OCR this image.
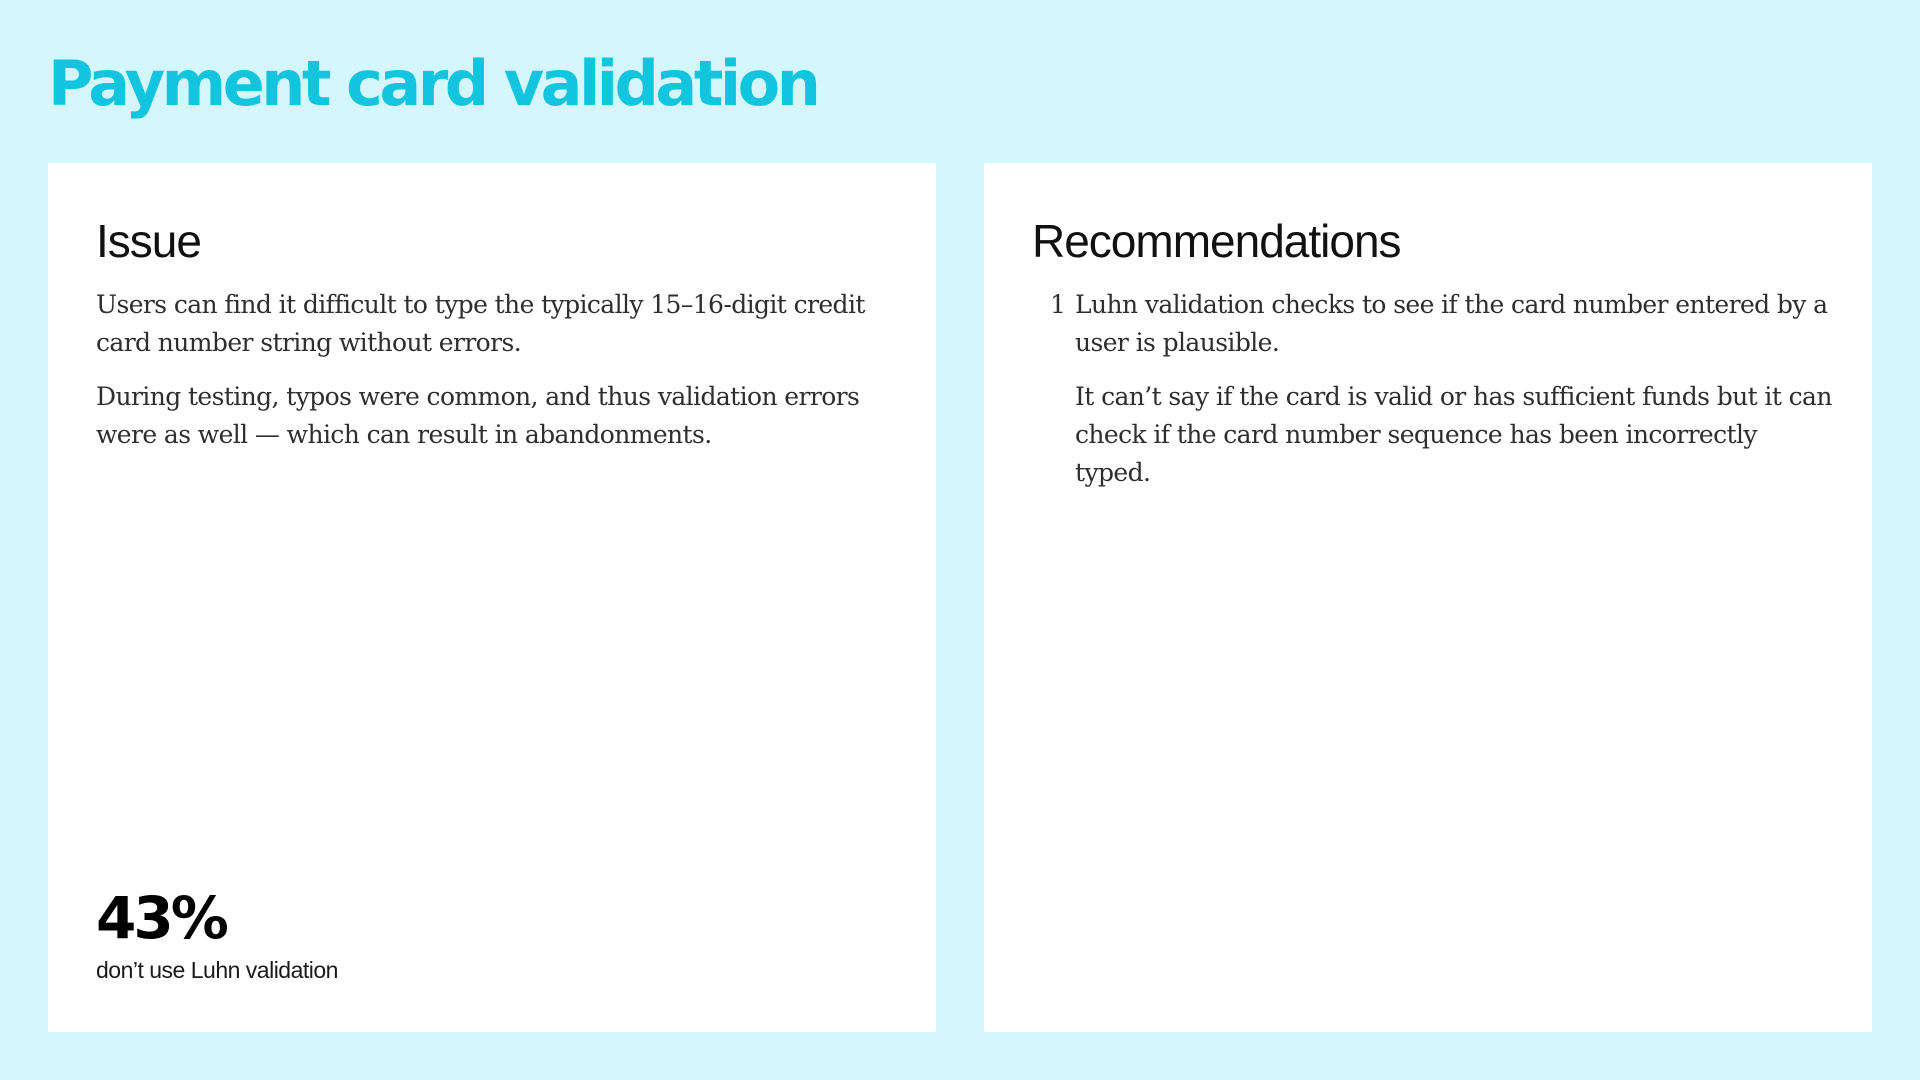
Payment card validation
Issue

Users can find it difficult to type the typically 15–16-digit credit card number string without errors.

During testing, typos were common, and thus validation errors were as well — which can result in abandonments.

43%
don’t use Luhn validation
Recommendations
1 Luhn validation checks to see if the card number entered by a user is plausible.

It can’t say if the card is valid or has sufficient funds but it can check if the card number sequence has been incorrectly typed.
